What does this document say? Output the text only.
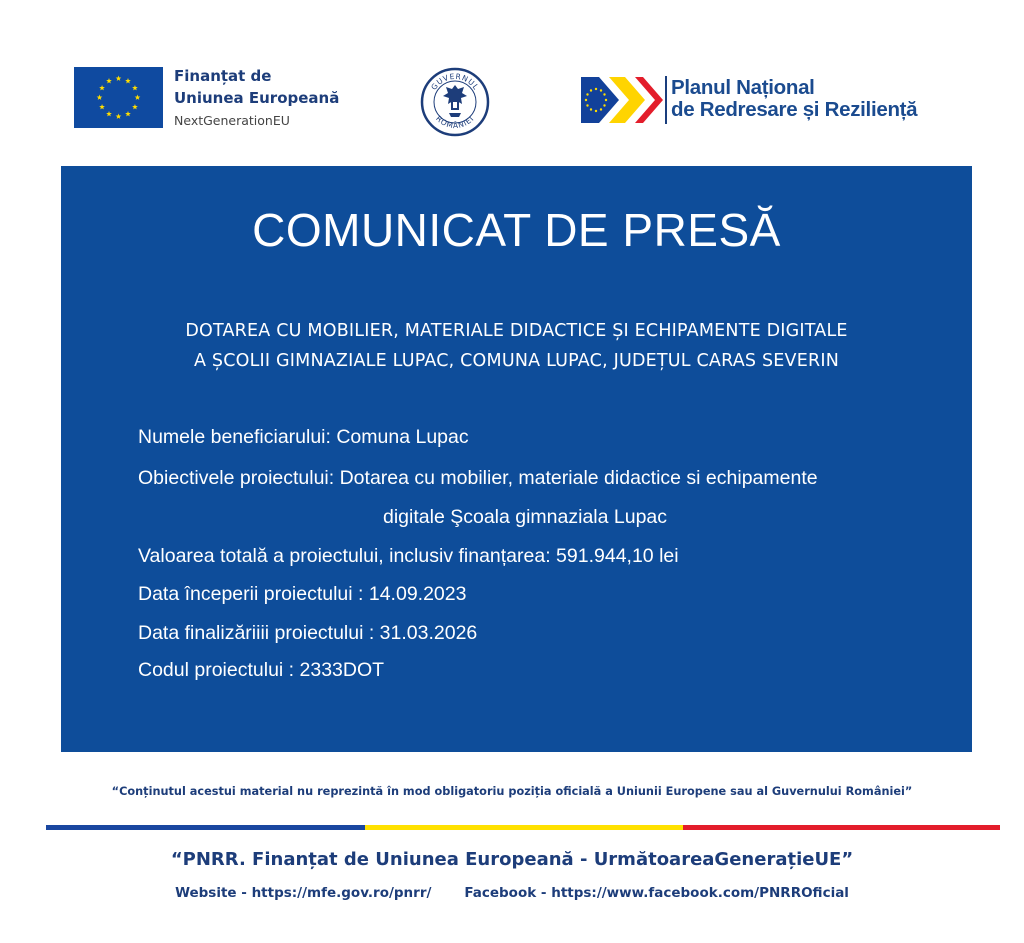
Finanțat de
Uniunea Europeană
NextGenerationEU
GUVERNUL
ROMÂNIEI
Planul Național
de Redresare și Reziliență
COMUNICAT DE PRESĂ
DOTAREA CU MOBILIER, MATERIALE DIDACTICE ȘI ECHIPAMENTE DIGITALE
A ȘCOLII GIMNAZIALE LUPAC, COMUNA LUPAC, JUDEȚUL CARAS SEVERIN
Numele beneficiarului: Comuna Lupac
Obiectivele proiectului: Dotarea cu mobilier, materiale didactice si echipamente
digitale Şcoala gimnaziala Lupac
Valoarea totală a proiectului, inclusiv finanțarea: 591.944,10 lei
Data începerii proiectului : 14.09.2023
Data finalizăriiii proiectului : 31.03.2026
Codul proiectului : 2333DOT
“Conținutul acestui material nu reprezintă în mod obligatoriu poziția oficială a Uniunii Europene sau al Guvernului României”
“PNRR. Finanțat de Uniunea Europeană - UrmătoareaGenerațieUE”
Website - https://mfe.gov.ro/pnrr/       Facebook - https://www.facebook.com/PNRROficial
